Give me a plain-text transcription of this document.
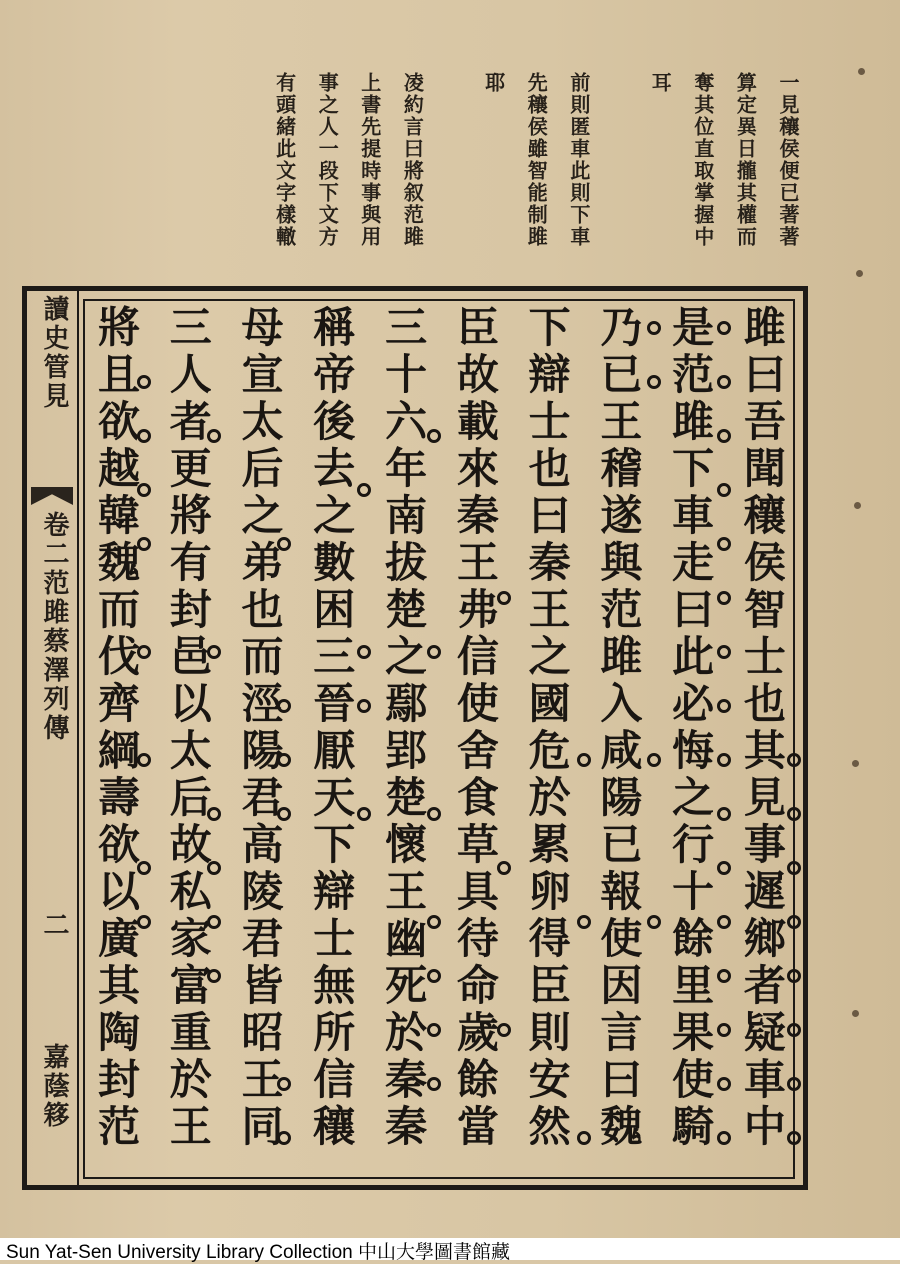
一見穰侯便已著著
算定異日攏其權而
奪其位直取掌握中
耳
前則匿車此則下車
先穰侯雖智能制雎
耶
凌約言曰將叙范雎
上書先提時事與用
事之人一段下文方
有頭緒此文字樣轍
讀史管見
卷二范雎蔡澤列傳
二
嘉蔭簃
雎曰吾聞穰侯智士也其見事遲鄉者疑車中
是范雎下車走曰此必悔之行十餘里果使騎
乃已王稽遂與范雎入咸陽已報使因言曰魏
下辯士也曰秦王之國危於累卵得臣則安然
臣故載來秦王弗信使舍食草具待命歲餘當
三十六年南拔楚之鄢郢楚懷王幽死於秦秦
稱帝後去之數困三晉厭天下辯士無所信穰
母宣太后之弟也而涇陽君高陵君皆昭王同
三人者更將有封邑以太后故私家富重於王
將且欲越韓魏而伐齊綱壽欲以廣其陶封范
Sun Yat-Sen University Library Collection 中山大學圖書館藏
